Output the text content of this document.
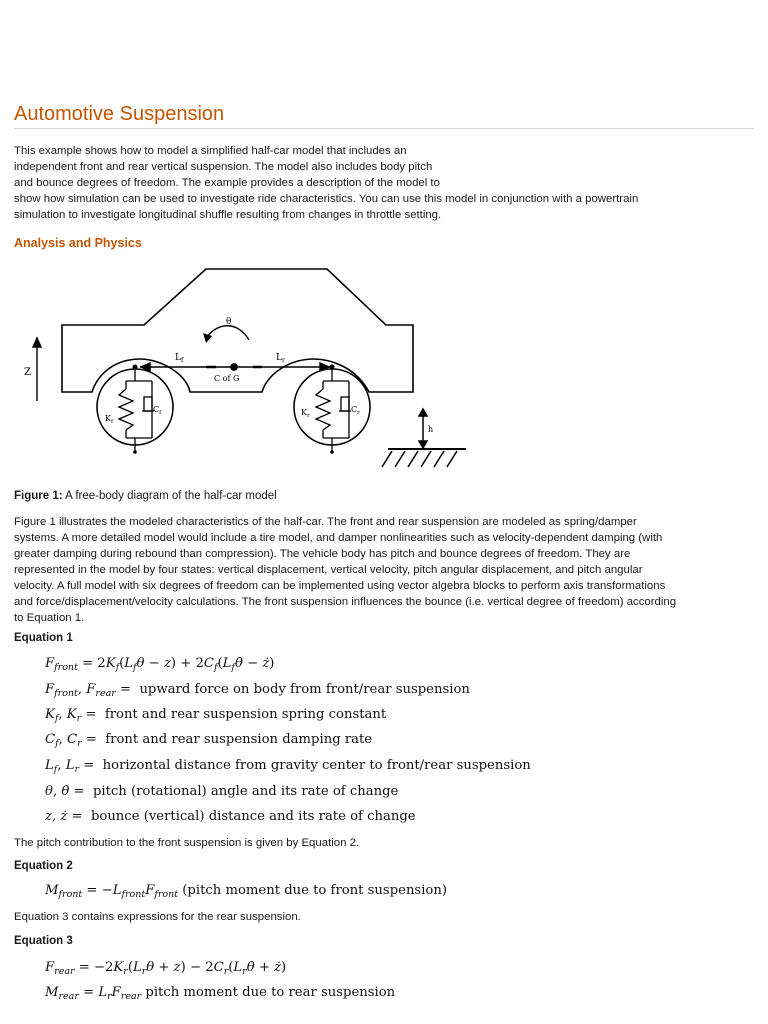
Automotive Suspension

This example shows how to model a simplified half-car model that includes an
independent front and rear vertical suspension. The model also includes body pitch
and bounce degrees of freedom. The example provides a description of the model to
show how simulation can be used to investigate ride characteristics. You can use this model in conjunction with a powertrain
simulation to investigate longitudinal shuffle resulting from changes in throttle setting.

Analysis and Physics
Z
θ
$L_f$	$L_r$
C of G
$K_f$
$C_f$	$K_r$
$C_r$
h

Figure 1: A free-body diagram of the half-car model

Figure 1 illustrates the modeled characteristics of the half-car. The front and rear suspension are modeled as spring/damper
systems. A more detailed model would include a tire model, and damper nonlinearities such as velocity-dependent damping (with
greater damping during rebound than compression). The vehicle body has pitch and bounce degrees of freedom. They are
represented in the model by four states: vertical displacement, vertical velocity, pitch angular displacement, and pitch angular
velocity. A full model with six degrees of freedom can be implemented using vector algebra blocks to perform axis transformations
and force/displacement/velocity calculations. The front suspension influences the bounce (i.e. vertical degree of freedom) according
to Equation 1.

Equation 1
$F_{front} = 2K_f(L_f\theta - z)$ + $2C_f(L_f\thetȧ$ − ż)
$F_{front}$, $F_{rear}$ =  upward force on body from front/rear suspension
$K_f$, $K_r$ =  front and rear suspension spring constant
$C_f$, $C_r$ =  front and rear suspension damping rate
$L_f$, $L_r$ =  horizontal distance from gravity center to front/rear suspension
θ, θ̇ =  pitch (rotational) angle and its rate of change
z, ż =  bounce (vertical) distance and its rate of change

The pitch contribution to the front suspension is given by Equation 2.

Equation 2
$M_{front} = -L_{front}F_{front}$ (pitch moment due to front suspension)

Equation 3 contains expressions for the rear suspension.

Equation 3
$F_{rear} = -2K_r(L_r\theta + z)$ − $2C_r(L_r\thetȧ$ + ż)
$M_{rear} = L_rF_{rear}$ pitch moment due to rear suspension
